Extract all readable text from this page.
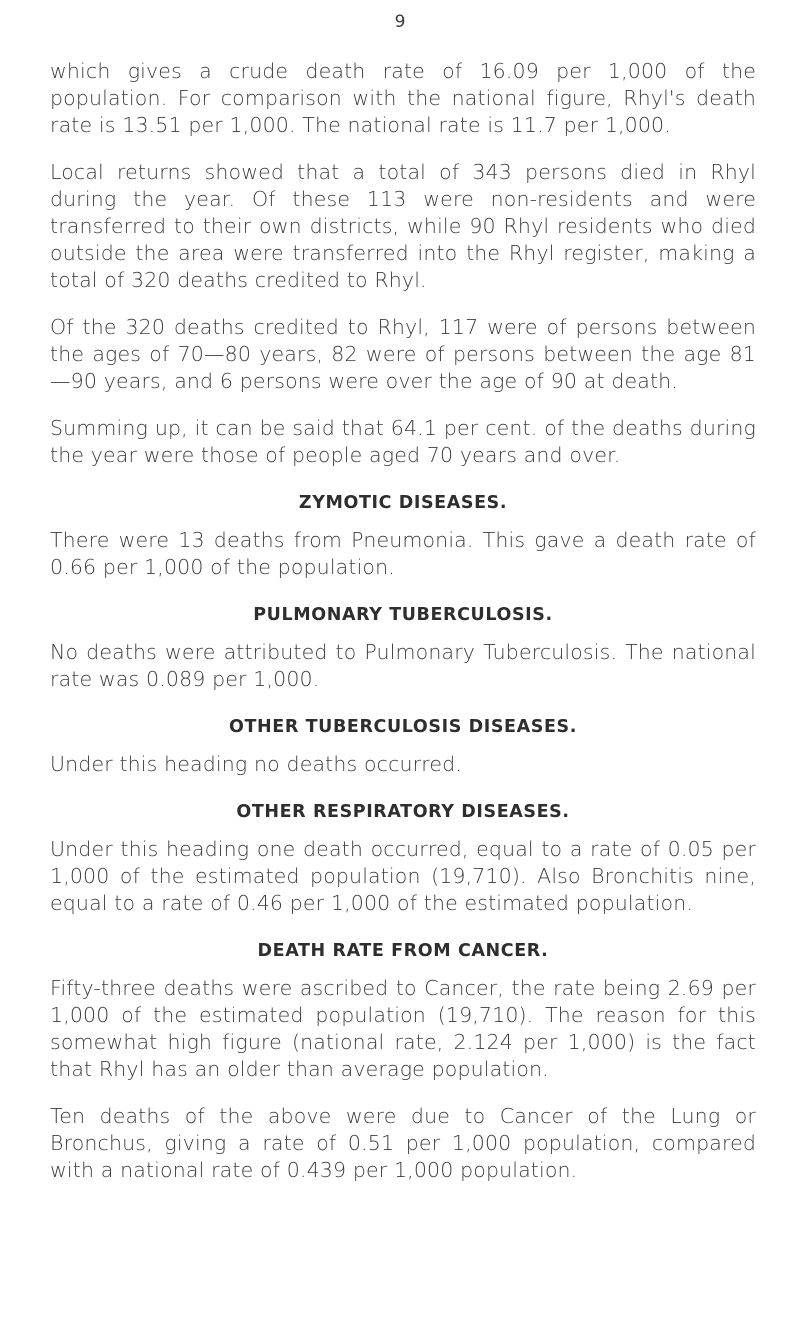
9

which gives a crude death rate of 16.09 per 1,000 of the population. For comparison with the national figure, Rhyl's death rate is 13.51 per 1,000. The national rate is 11.7 per 1,000.

Local returns showed that a total of 343 persons died in Rhyl during the year. Of these 113 were non-residents and were transferred to their own districts, while 90 Rhyl residents who died outside the area were transferred into the Rhyl register, making a total of 320 deaths credited to Rhyl.

Of the 320 deaths credited to Rhyl, 117 were of persons between the ages of 70—80 years, 82 were of persons between the age 81—90 years, and 6 persons were over the age of 90 at death.

Summing up, it can be said that 64.1 per cent. of the deaths during the year were those of people aged 70 years and over.

ZYMOTIC DISEASES.

There were 13 deaths from Pneumonia. This gave a death rate of 0.66 per 1,000 of the population.

PULMONARY TUBERCULOSIS.

No deaths were attributed to Pulmonary Tuberculosis. The national rate was 0.089 per 1,000.

OTHER TUBERCULOSIS DISEASES.

Under this heading no deaths occurred.

OTHER RESPIRATORY DISEASES.

Under this heading one death occurred, equal to a rate of 0.05 per 1,000 of the estimated population (19,710). Also Bronchitis nine, equal to a rate of 0.46 per 1,000 of the estimated population.

DEATH RATE FROM CANCER.

Fifty-three deaths were ascribed to Cancer, the rate being 2.69 per 1,000 of the estimated population (19,710). The reason for this somewhat high figure (national rate, 2.124 per 1,000) is the fact that Rhyl has an older than average population.

Ten deaths of the above were due to Cancer of the Lung or Bronchus, giving a rate of 0.51 per 1,000 population, compared with a national rate of 0.439 per 1,000 population.
